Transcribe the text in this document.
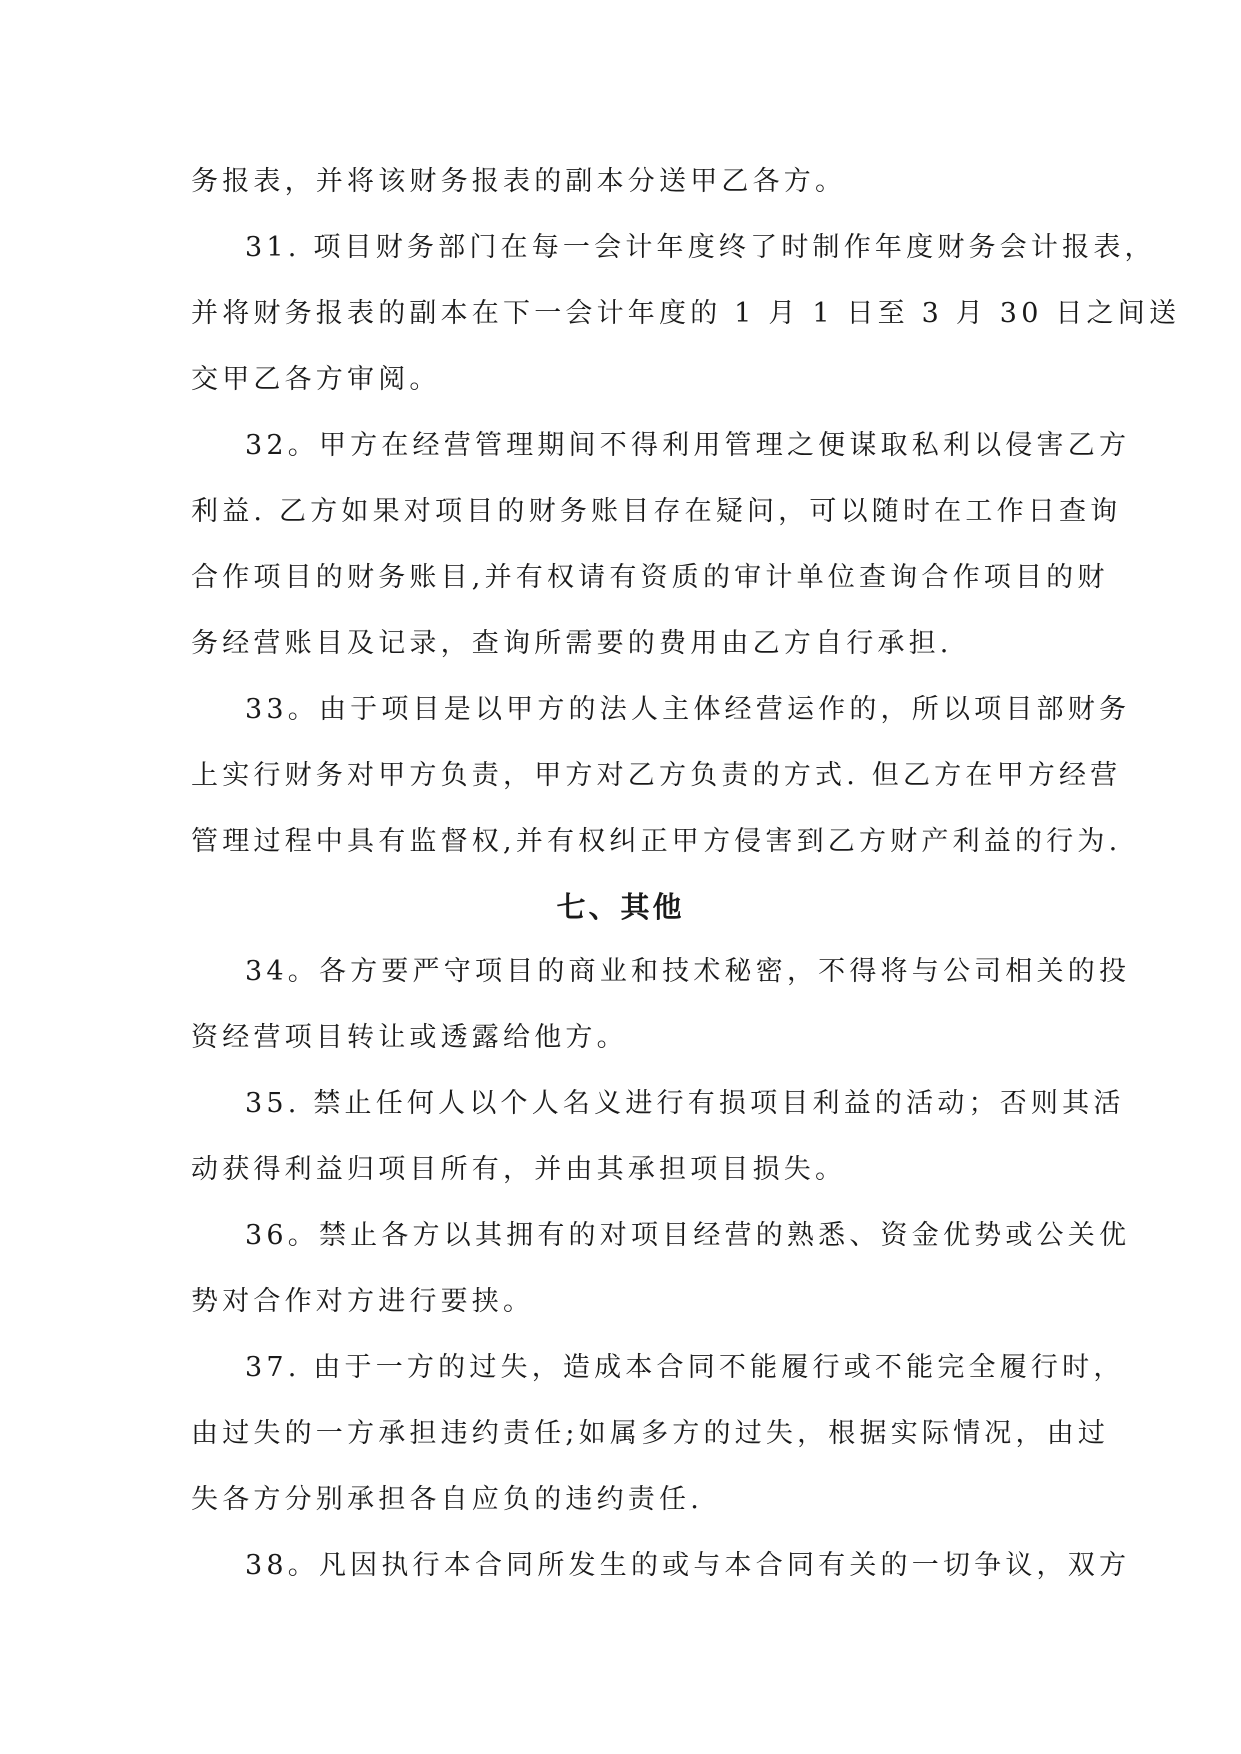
务报表，并将该财务报表的副本分送甲乙各方。
31. 项目财务部门在每一会计年度终了时制作年度财务会计报表，
并将财务报表的副本在下一会计年度的 1 月 1 日至 3 月 30 日之间送
交甲乙各方审阅。
32。甲方在经营管理期间不得利用管理之便谋取私利以侵害乙方
利益. 乙方如果对项目的财务账目存在疑问，可以随时在工作日查询
合作项目的财务账目,并有权请有资质的审计单位查询合作项目的财
务经营账目及记录，查询所需要的费用由乙方自行承担.
33。由于项目是以甲方的法人主体经营运作的，所以项目部财务
上实行财务对甲方负责，甲方对乙方负责的方式. 但乙方在甲方经营
管理过程中具有监督权,并有权纠正甲方侵害到乙方财产利益的行为.
七、其他
34。各方要严守项目的商业和技术秘密，不得将与公司相关的投
资经营项目转让或透露给他方。
35. 禁止任何人以个人名义进行有损项目利益的活动；否则其活
动获得利益归项目所有，并由其承担项目损失。
36。禁止各方以其拥有的对项目经营的熟悉、资金优势或公关优
势对合作对方进行要挟。
37. 由于一方的过失，造成本合同不能履行或不能完全履行时，
由过失的一方承担违约责任;如属多方的过失，根据实际情况，由过
失各方分别承担各自应负的违约责任.
38。凡因执行本合同所发生的或与本合同有关的一切争议，双方
